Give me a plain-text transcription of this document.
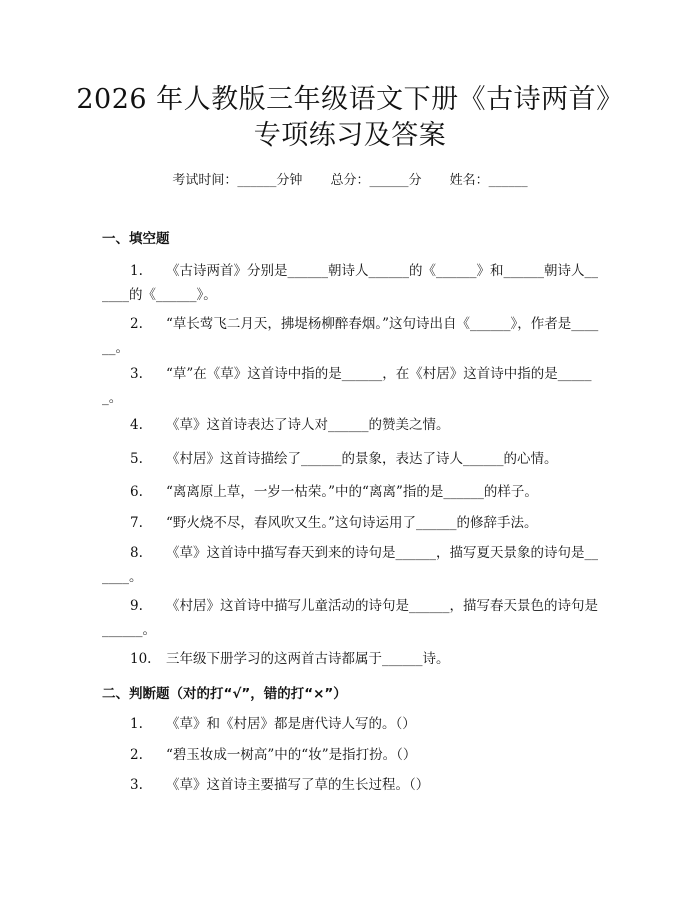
2026 年人教版三年级语文下册《古诗两首》
专项练习及答案
考试时间：______分钟 总分：______分 姓名：______
一、填空题
1. 《古诗两首》分别是______朝诗人______的《______》和______朝诗人______的《______》。
2. “草长莺飞二月天，拂堤杨柳醉春烟。”这句诗出自《______》，作者是______。
3. “草”在《草》这首诗中指的是______，在《村居》这首诗中指的是______。
4. 《草》这首诗表达了诗人对______的赞美之情。
5. 《村居》这首诗描绘了______的景象，表达了诗人______的心情。
6. “离离原上草，一岁一枯荣。”中的“离离”指的是______的样子。
7. “野火烧不尽，春风吹又生。”这句诗运用了______的修辞手法。
8. 《草》这首诗中描写春天到来的诗句是______，描写夏天景象的诗句是______。
9. 《村居》这首诗中描写儿童活动的诗句是______，描写春天景色的诗句是______。
10. 三年级下册学习的这两首古诗都属于______诗。
二、判断题（对的打“√”，错的打“×”）
1. 《草》和《村居》都是唐代诗人写的。（）
2. “碧玉妆成一树高”中的“妆”是指打扮。（）
3. 《草》这首诗主要描写了草的生长过程。（）
